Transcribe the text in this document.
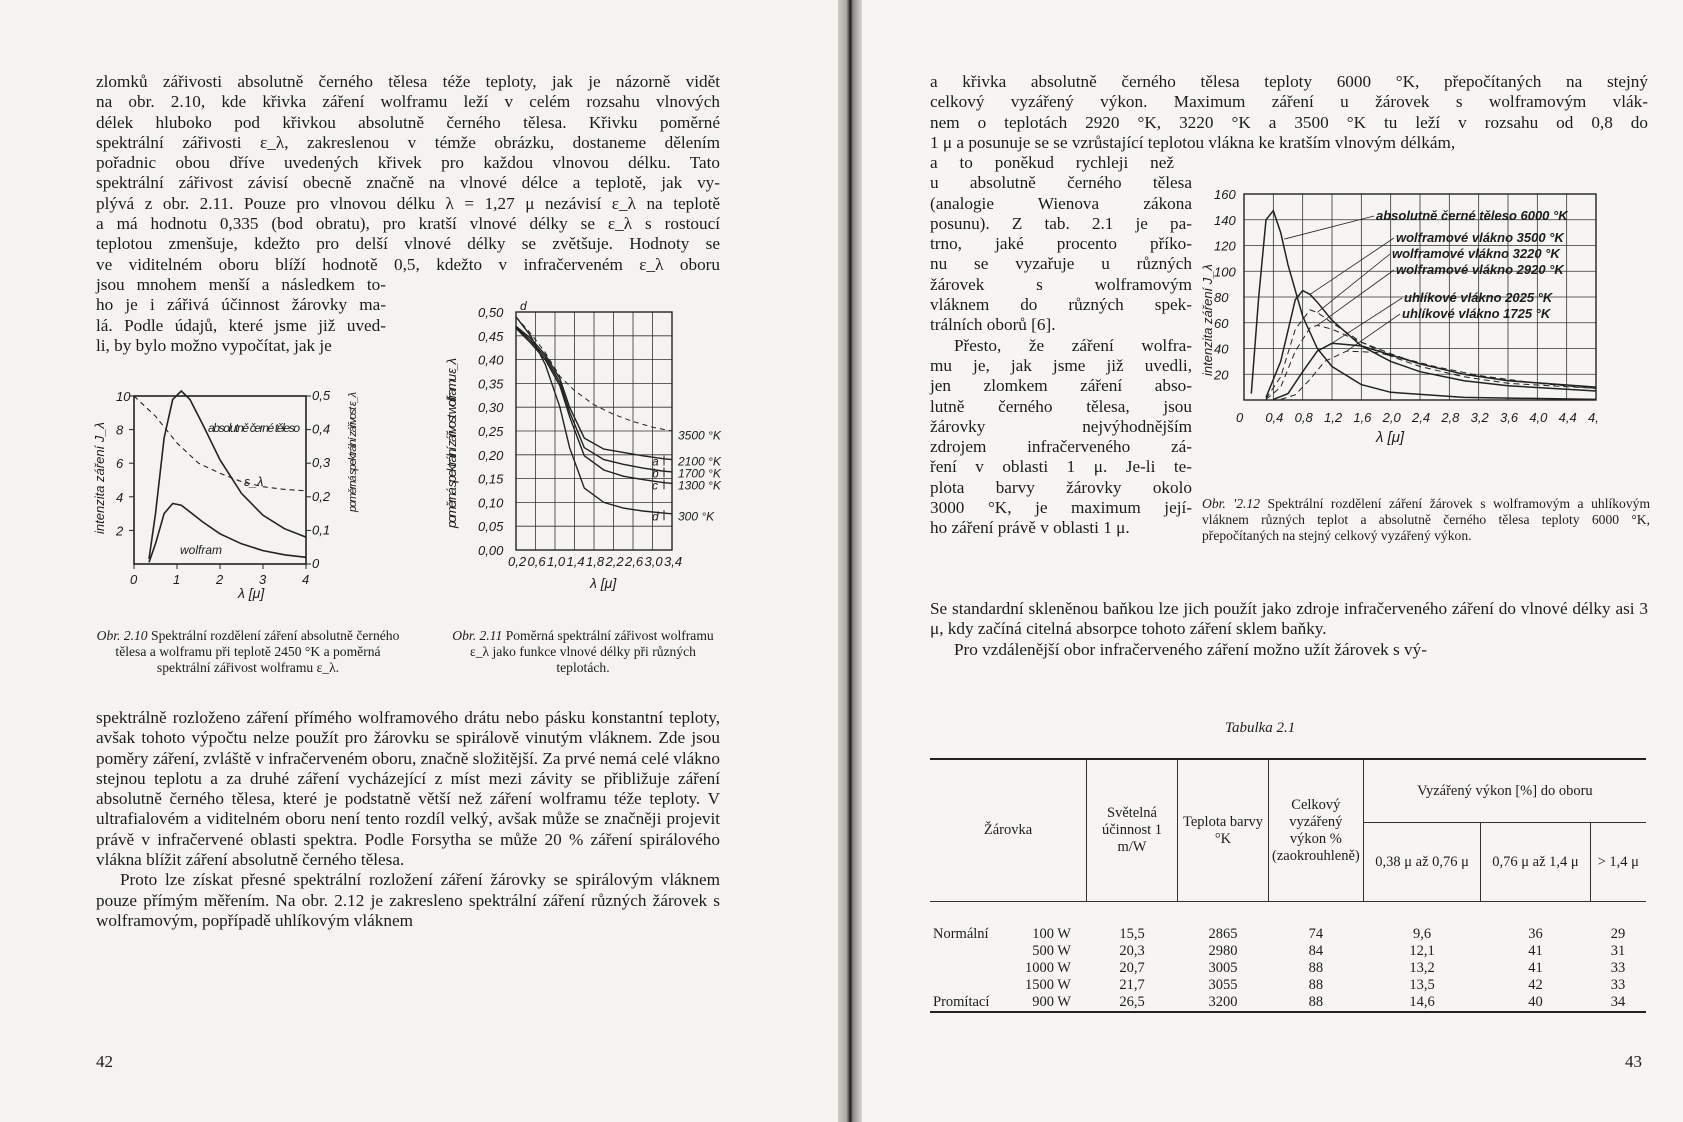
zlomků zářivosti absolutně černého tělesa téže teploty, jak je názorně vidět
na obr. 2.10, kde křivka záření wolframu leží v celém rozsahu vlnových
délek hluboko pod křivkou absolutně černého tělesa. Křivku poměrné
spektrální zářivosti ε_λ, zakreslenou v témže obrázku, dostaneme dělením
pořadnic obou dříve uvedených křivek pro každou vlnovou délku. Tato
spektrální zářivost závisí obecně značně na vlnové délce a teplotě, jak vy-
plývá z obr. 2.11. Pouze pro vlnovou délku λ = 1,27 μ nezávisí ε_λ na teplotě
a má hodnotu 0,335 (bod obratu), pro kratší vlnové délky se ε_λ s rostoucí
teplotou zmenšuje, kdežto pro delší vlnové délky se zvětšuje. Hodnoty se
ve viditelném oboru blíží hodnotě 0,5, kdežto v infračerveném ε_λ oboru
jsou mnohem menší a následkem to-
ho je i zářivá účinnost žárovky ma-
lá. Podle údajů, které jsme již uved-
li, by bylo možno vypočítat, jak je
0	1	2	3	4
2
4
6
8
10
0
0,1
0,2
0,3
0,4
0,5
absolutně černé těleso
wolfram
ε_λ
λ [μ]
intenzita záření J_λ	poměrná spektrální zářivost ε_λ
Obr. 2.10 Spektrální rozdělení záření absolutně černého tělesa a wolframu při teplotě 2450 °K a poměrná spektrální zářivost wolframu ε_λ.
0,2 0,6 1,0 1,4 1,8 2,2 2,6 3,0 3,4
0,00
0,05
0,10
0,15
0,20
0,25
0,30
0,35
0,40
0,45
0,50 d
3500 °K
a 2100 °K
b 1700 °K
c 1300 °K
d 300 °K
λ [μ]
poměrná spektrální zářivost wolframu ε_λ
Obr. 2.11 Poměrná spektrální zářivost wolframu ε_λ jako funkce vlnové délky při různých teplotách.

spektrálně rozloženo záření přímého wolframového drátu nebo pásku konstantní teploty, avšak tohoto výpočtu nelze použít pro žárovku se spirálově vinutým vláknem. Zde jsou poměry záření, zvláště v infračerveném oboru, značně složitější. Za prvé nemá celé vlákno stejnou teplotu a za druhé záření vycházející z míst mezi závity se přibližuje záření absolutně černého tělesa, které je podstatně větší než záření wolframu téže teploty. V ultrafialovém a viditelném oboru není tento rozdíl velký, avšak může se značněji projevit právě v infračervené oblasti spektra. Podle Forsytha se může 20 % záření spirálového vlákna blížit záření absolutně černého tělesa.

Proto lze získat přesné spektrální rozložení záření žárovky se spirálovým vláknem pouze přímým měřením. Na obr. 2.12 je zakresleno spektrální záření různých žárovek s wolframovým, popřípadě uhlíkovým vláknem

42
a křivka absolutně černého tělesa teploty 6000 °K, přepočítaných na stejný
celkový vyzářený výkon. Maximum záření u žárovek s wolframovým vlák-
nem o teplotách 2920 °K, 3220 °K a 3500 °K tu leží v rozsahu od 0,8 do
1 μ a posunuje se se vzrůstající teplotou vlákna ke kratším vlnovým délkám,
a to poněkud rychleji než
u absolutně černého tělesa
(analogie Wienova zákona
posunu). Z tab. 2.1 je pa-
trno, jaké procento příko-
nu se vyzařuje u různých
žárovek s wolframovým
vláknem do různých spek-
trálních oborů [6].
Přesto, že záření wolfra-
mu je, jak jsme již uvedli,
jen zlomkem záření abso-
lutně černého tělesa, jsou
žárovky nejvýhodnějším
zdrojem infračerveného zá-
ření v oblasti 1 μ. Je-li te-
plota barvy žárovky okolo
3000 °K, je maximum její-
ho záření právě v oblasti 1 μ.
0 0,4 0,8 1,2 1,6 2,0 2,4 2,8 3,2 3,6 4,0 4,4 4,
20
40
60
80
100
120
140
160
absolutně černé těleso 6000 °K
wolframové vlákno 3500 °K
wolframové vlákno 3220 °K
wolframové vlákno 2920 °K
uhlíkové vlákno 2025 °K
uhlíkové vlákno 1725 °K
λ [μ]
intenzita záření J_λ
Obr. '2.12 Spektrální rozdělení záření žárovek s wolframovým a uhlíkovým vláknem různých teplot a absolutně černého tělesa teploty 6000 °K, přepočítaných na stejný celkový vyzářený výkon.

Se standardní skleněnou baňkou lze jich použít jako zdroje infračerveného záření do vlnové délky asi 3 μ, kdy začíná citelná absorpce tohoto záření sklem baňky.

Pro vzdálenější obor infračerveného záření možno užít žárovek s vý-

Tabulka 2.1
Žárovka	Světelná účinnost 1 m/W	Teplota barvy °K	Celkový vyzářený výkon % (zaokrouhleně)	Vyzářený výkon [%] do oboru		
				0,38 μ až 0,76 μ	0,76 μ až 1,4 μ	> 1,4 μ
Normální 100 W	15,5	2865	74	9,6	36	29
500 W	20,3	2980	84	12,1	41	31
1000 W	20,7	3005	88	13,2	41	33
1500 W	21,7	3055	88	13,5	42	33
Promítací 900 W	26,5	3200	88	14,6	40	34
43
